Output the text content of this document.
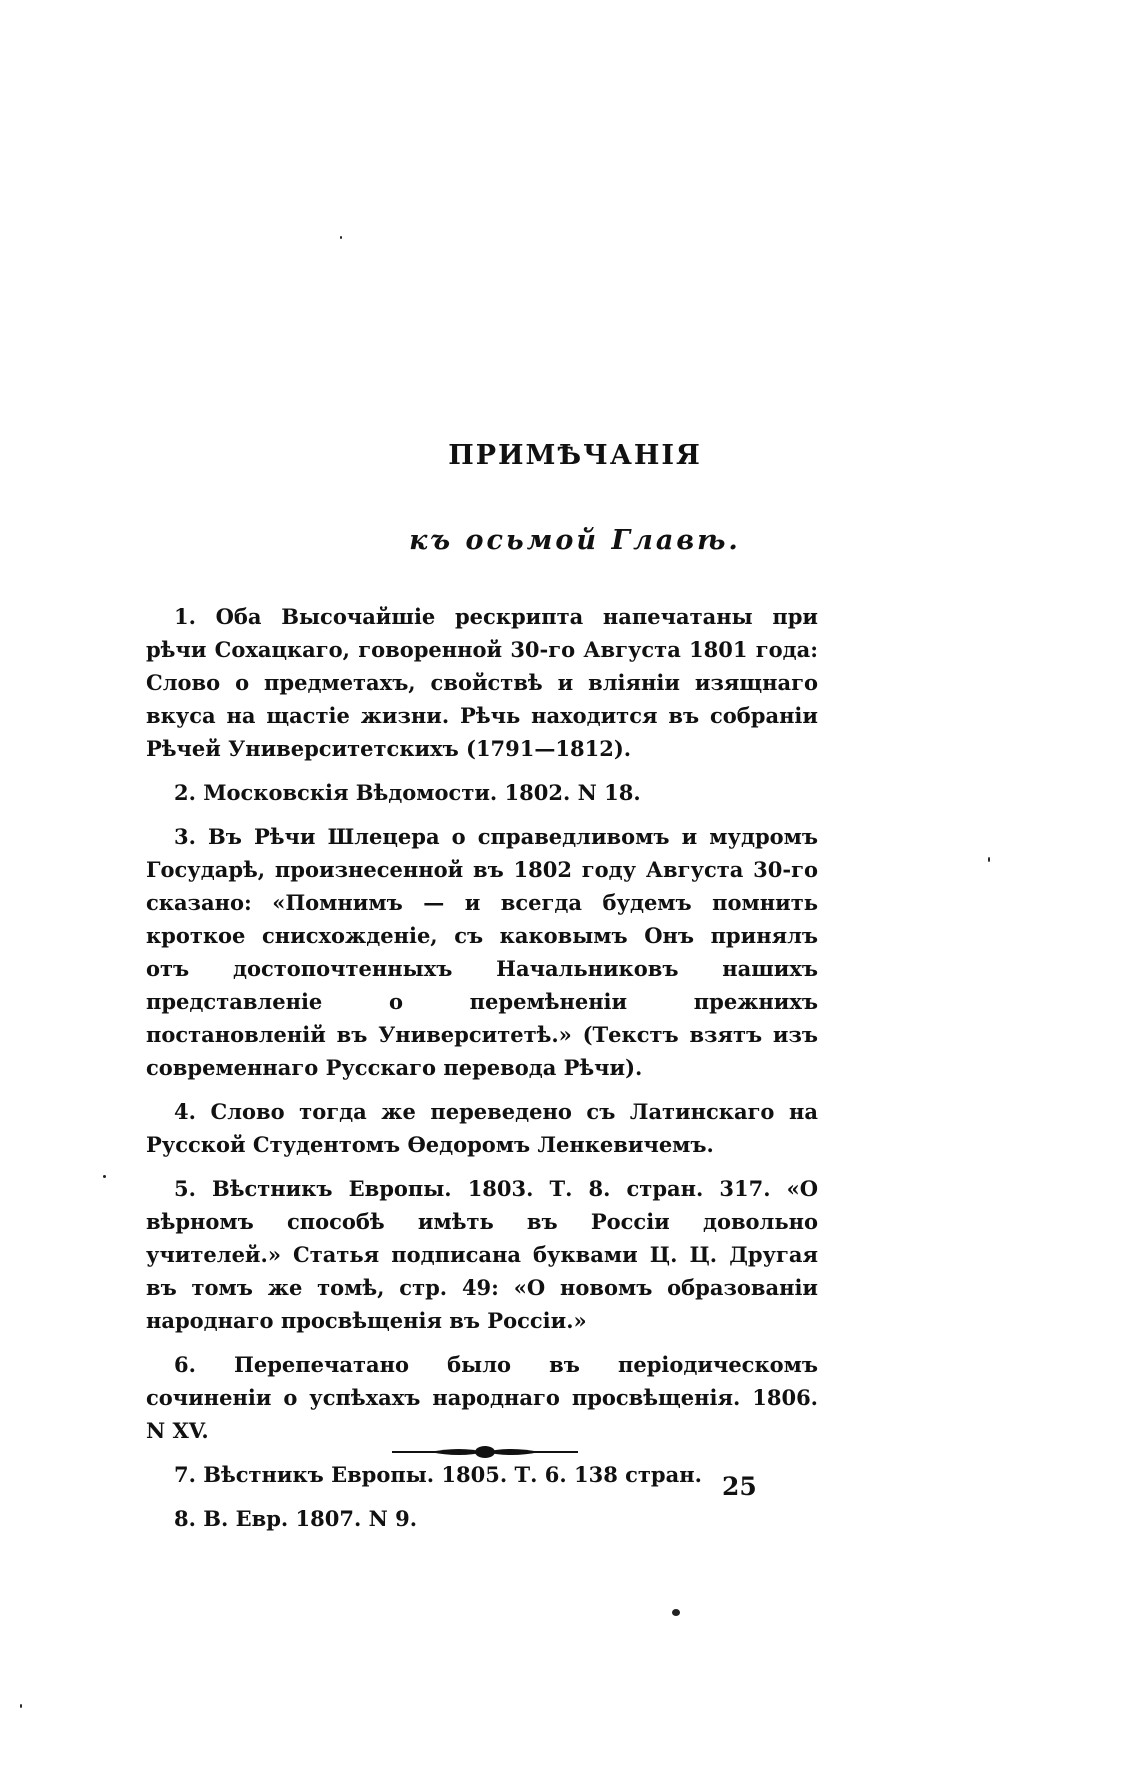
ПРИМѢЧАНІЯ
къ осьмой Главѣ.

1. Оба Высочайшіе рескрипта напечатаны при рѣчи Сохацкаго, говоренной 30-го Августа 1801 года: Слово о предметахъ, свойствѣ и вліяніи изящнаго вкуса на щастіе жизни. Рѣчь находится въ собраніи Рѣчей Университетскихъ (1791—1812).

2. Московскія Вѣдомости. 1802. N 18.

3. Въ Рѣчи Шлецера о справедливомъ и мудромъ Государѣ, произнесенной въ 1802 году Августа 30-го сказано: «Помнимъ — и всегда будемъ помнить кроткое снисхожденіе, съ каковымъ Онъ принялъ отъ достопочтенныхъ Начальниковъ нашихъ представленіе о перемѣненіи прежнихъ постановленій въ Университетѣ.» (Текстъ взятъ изъ современнаго Русскаго перевода Рѣчи).

4. Слово тогда же переведено съ Латинскаго на Русской Студентомъ Ѳедоромъ Ленкевичемъ.

5. Вѣстникъ Европы. 1803. Т. 8. стран. 317. «О вѣрномъ способѣ имѣть въ Россіи довольно учителей.» Статья подписана буквами Ц. Ц. Другая въ томъ же томѣ, стр. 49: «О новомъ образованіи народнаго просвѣщенія въ Россіи.»

6. Перепечатано было въ періодическомъ сочиненіи о успѣхахъ народнаго просвѣщенія. 1806. N XV.

7. Вѣстникъ Европы. 1805. Т. 6. 138 стран.

8. В. Евр. 1807. N 9.

25
